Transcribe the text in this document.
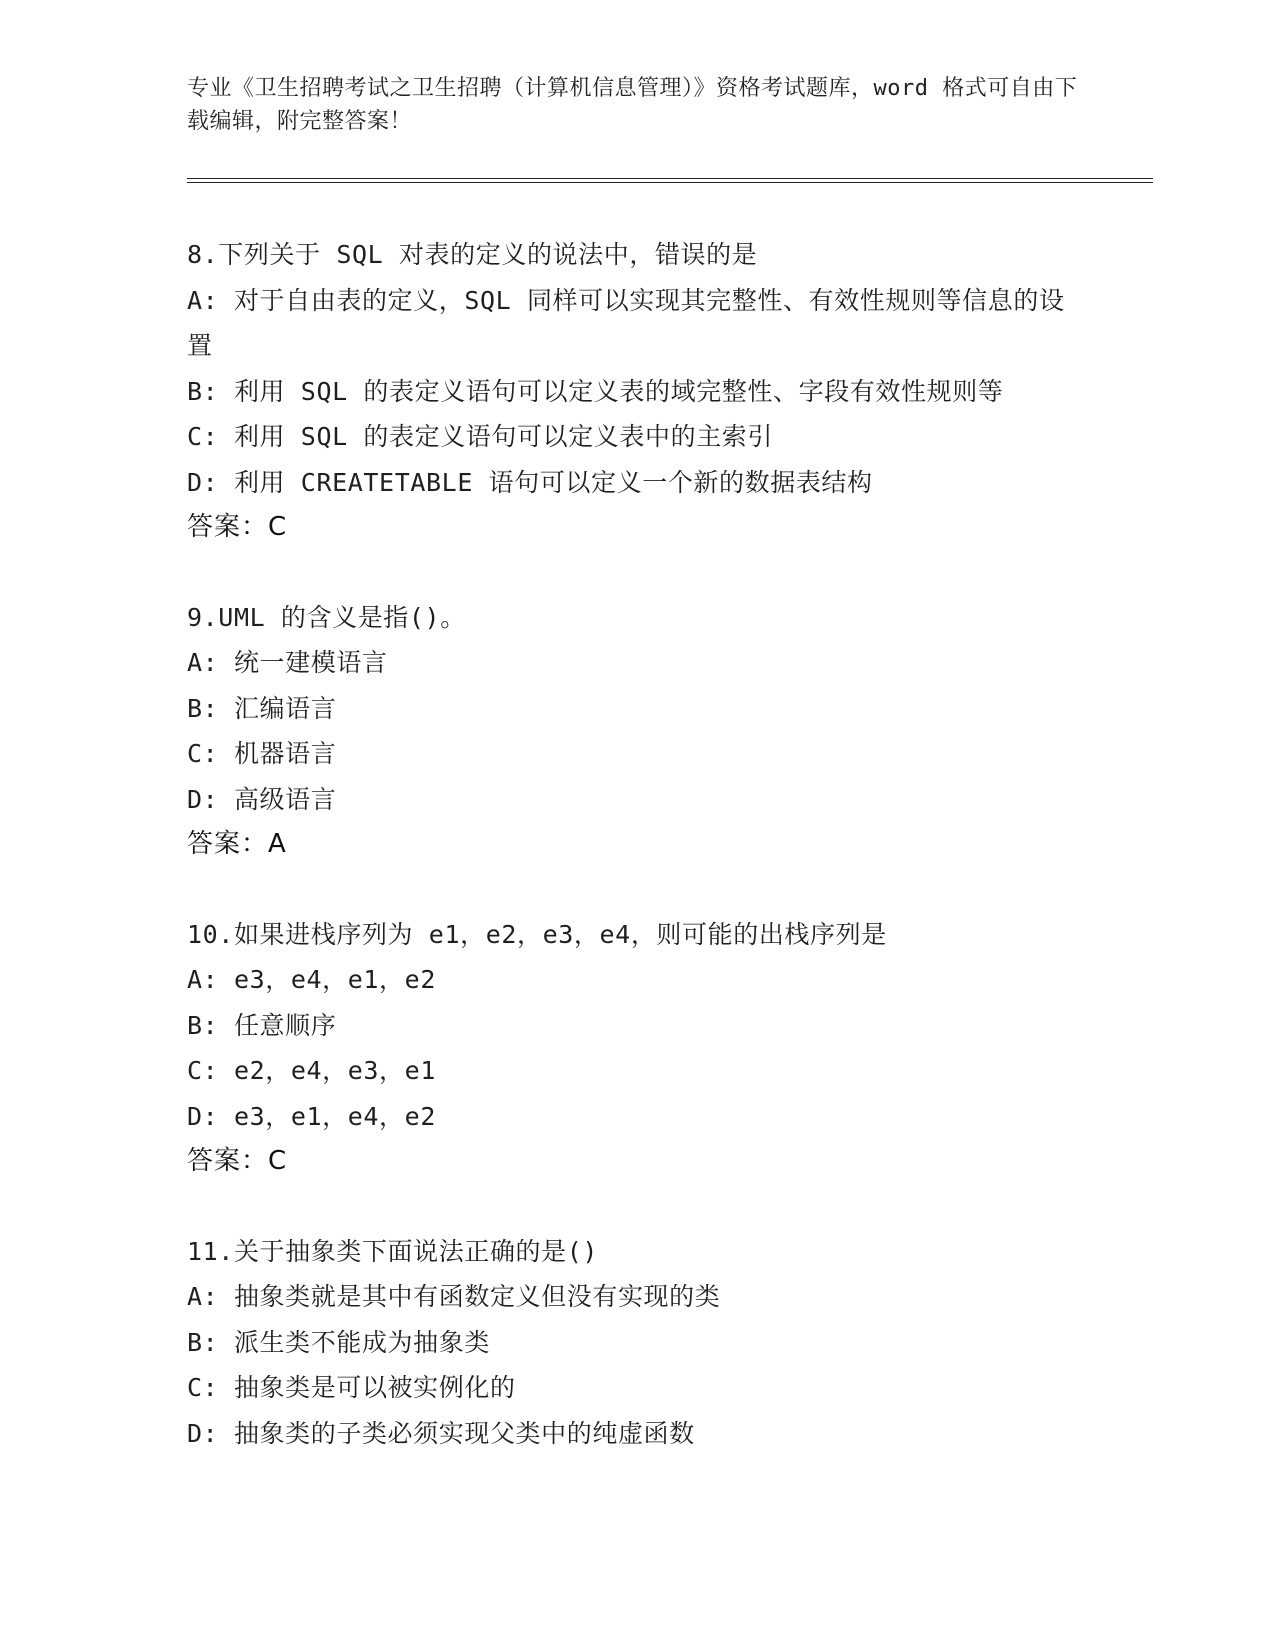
专业《卫生招聘考试之卫生招聘（计算机信息管理）》资格考试题库，word 格式可自由下载编辑，附完整答案！
8.下列关于 SQL 对表的定义的说法中，错误的是
A: 对于自由表的定义，SQL 同样可以实现其完整性、有效性规则等信息的设置
B: 利用 SQL 的表定义语句可以定义表的域完整性、字段有效性规则等
C: 利用 SQL 的表定义语句可以定义表中的主索引
D: 利用 CREATETABLE 语句可以定义一个新的数据表结构
答案：C
9.UML 的含义是指()。
A: 统一建模语言
B: 汇编语言
C: 机器语言
D: 高级语言
答案：A
10.如果进栈序列为 e1，e2，e3，e4，则可能的出栈序列是
A: e3，e4，e1，e2
B: 任意顺序
C: e2，e4，e3，e1
D: e3，e1，e4，e2
答案：C
11.关于抽象类下面说法正确的是()
A: 抽象类就是其中有函数定义但没有实现的类
B: 派生类不能成为抽象类
C: 抽象类是可以被实例化的
D: 抽象类的子类必须实现父类中的纯虚函数
